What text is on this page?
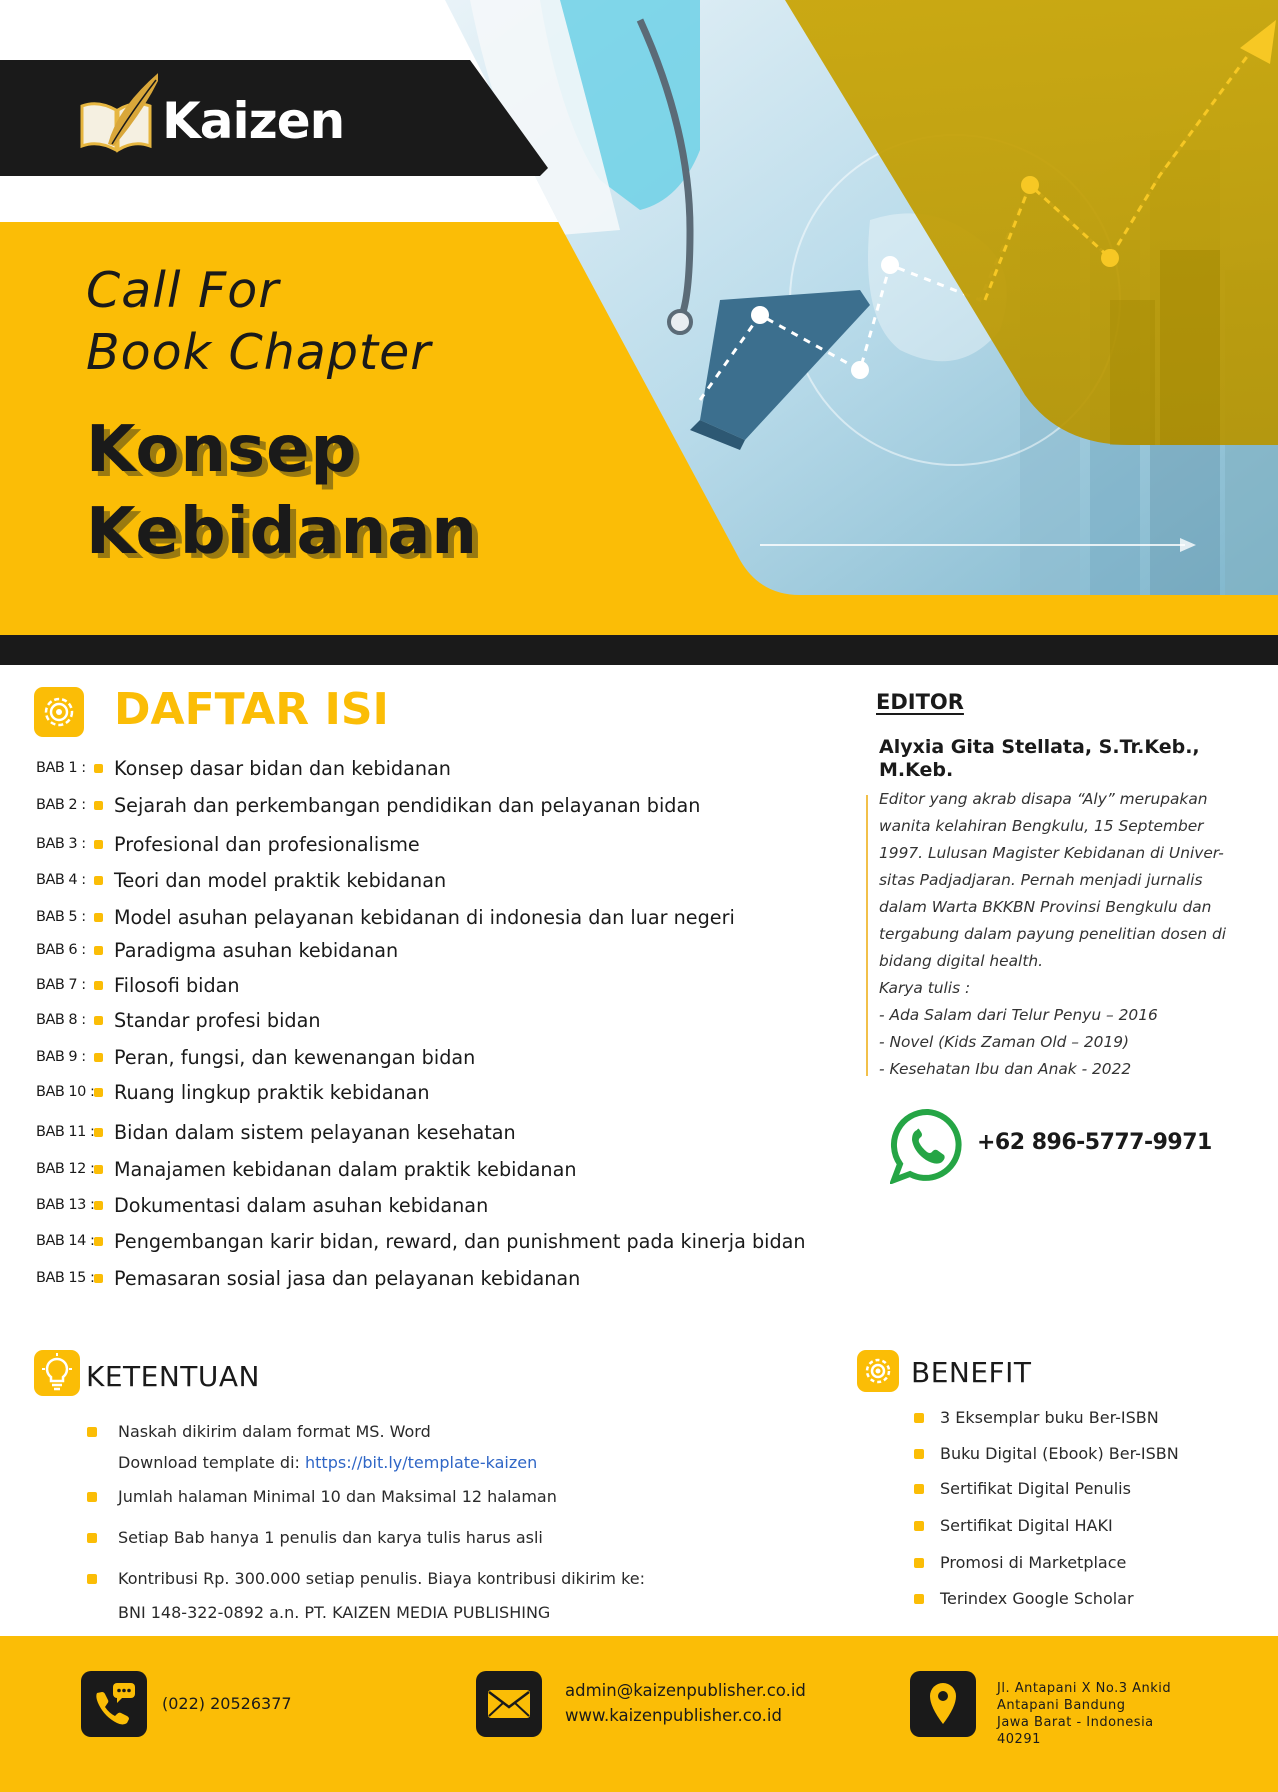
Kaizen
Call For
Book Chapter
Konsep
Kebidanan
DAFTAR ISI
BAB 1 : Konsep dasar bidan dan kebidanan
BAB 2 : Sejarah dan perkembangan pendidikan dan pelayanan bidan
BAB 3 : Profesional dan profesionalisme
BAB 4 : Teori dan model praktik kebidanan
BAB 5 : Model asuhan pelayanan kebidanan di indonesia dan luar negeri
BAB 6 : Paradigma asuhan kebidanan
BAB 7 : Filosofi bidan
BAB 8 : Standar profesi bidan
BAB 9 : Peran, fungsi, dan kewenangan bidan
BAB 10 : Ruang lingkup praktik kebidanan
BAB 11 : Bidan dalam sistem pelayanan kesehatan
BAB 12 : Manajamen kebidanan dalam praktik kebidanan
BAB 13 : Dokumentasi dalam asuhan kebidanan
BAB 14 : Pengembangan karir bidan, reward, dan punishment pada kinerja bidan
BAB 15 : Pemasaran sosial jasa dan pelayanan kebidanan
EDITOR
Alyxia Gita Stellata, S.Tr.Keb., M.Keb.
Editor yang akrab disapa “Aly” merupakan wanita kelahiran Bengkulu, 15 September 1997. Lulusan Magister Kebidanan di Univer-sitas Padjadjaran. Pernah menjadi jurnalis dalam Warta BKKBN Provinsi Bengkulu dan tergabung dalam payung penelitian dosen di bidang digital health.
Karya tulis :
- Ada Salam dari Telur Penyu – 2016
- Novel (Kids Zaman Old – 2019)
- Kesehatan Ibu dan Anak - 2022
+62 896-5777-9971
KETENTUAN
Naskah dikirim dalam format MS. Word
Download template di: https://bit.ly/template-kaizen
Jumlah halaman Minimal 10 dan Maksimal 12 halaman
Setiap Bab hanya 1 penulis dan karya tulis harus asli
Kontribusi Rp. 300.000 setiap penulis. Biaya kontribusi dikirim ke:
BNI 148-322-0892 a.n. PT. KAIZEN MEDIA PUBLISHING
BENEFIT
3 Eksemplar buku Ber-ISBN
Buku Digital (Ebook) Ber-ISBN
Sertifikat Digital Penulis
Sertifikat Digital HAKI
Promosi di Marketplace
Terindex Google Scholar
(022) 20526377
admin@kaizenpublisher.co.id
www.kaizenpublisher.co.id
Jl. Antapani X No.3 Ankid
Antapani Bandung
Jawa Barat - Indonesia
40291
